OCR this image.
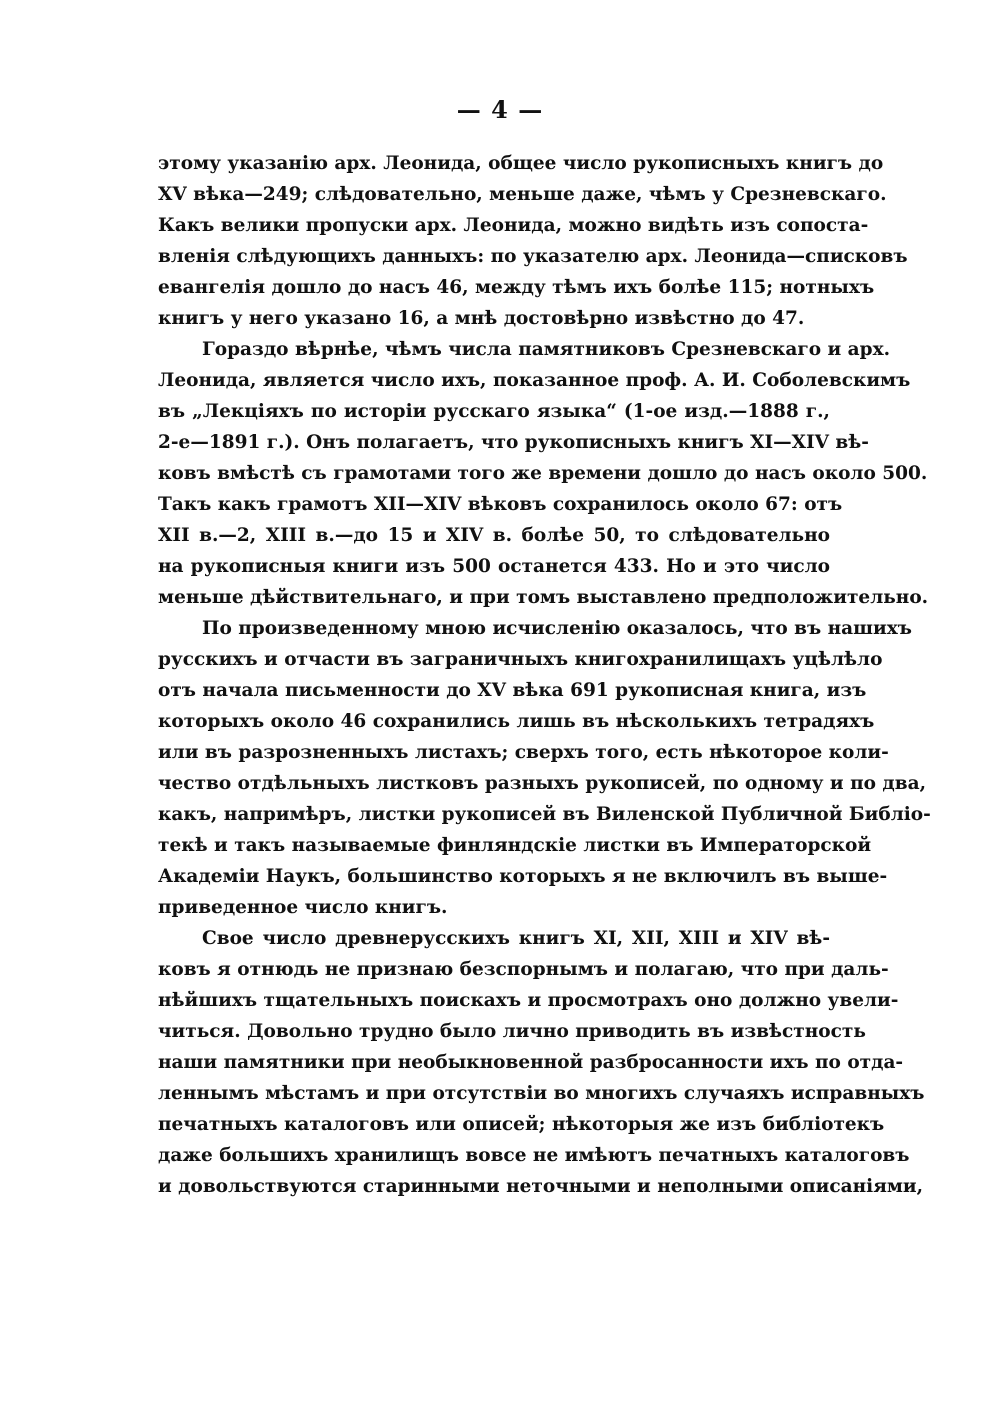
— 4 —
этому указанію арх. Леонида, общее число рукописныхъ книгъ до
XV вѣка—249; слѣдовательно, меньше даже, чѣмъ у Срезневскаго.
Какъ велики пропуски арх. Леонида, можно видѣть изъ сопоста-
вленія слѣдующихъ данныхъ: по указателю арх. Леонида—списковъ
евангелія дошло до насъ 46, между тѣмъ ихъ болѣе 115; нотныхъ
книгъ у него указано 16, а мнѣ достовѣрно извѣстно до 47.
Гораздо вѣрнѣе, чѣмъ числа памятниковъ Срезневскаго и арх.
Леонида, является число ихъ, показанное проф. А. И. Соболевскимъ
въ „Лекціяхъ по исторіи русскаго языка“ (1-ое изд.—1888 г.,
2-е—1891 г.). Онъ полагаетъ, что рукописныхъ книгъ XI—XIV вѣ-
ковъ вмѣстѣ съ грамотами того же времени дошло до насъ около 500.
Такъ какъ грамотъ XII—XIV вѣковъ сохранилось около 67: отъ
XII в.—2, XIII в.—до 15 и XIV в. болѣе 50, то слѣдовательно
на рукописныя книги изъ 500 останется 433. Но и это число
меньше дѣйствительнаго, и при томъ выставлено предположительно.
По произведенному мною исчисленію оказалось, что въ нашихъ
русскихъ и отчасти въ заграничныхъ книгохранилищахъ уцѣлѣло
отъ начала письменности до XV вѣка 691 рукописная книга, изъ
которыхъ около 46 сохранились лишь въ нѣсколькихъ тетрадяхъ
или въ разрозненныхъ листахъ; сверхъ того, есть нѣкоторое коли-
чество отдѣльныхъ листковъ разныхъ рукописей, по одному и по два,
какъ, напримѣръ, листки рукописей въ Виленской Публичной Библіо-
текѣ и такъ называемые финляндскіе листки въ Императорской
Академіи Наукъ, большинство которыхъ я не включилъ въ выше-
приведенное число книгъ.
Свое число древнерусскихъ книгъ XI, XII, XIII и XIV вѣ-
ковъ я отнюдь не признаю безспорнымъ и полагаю, что при даль-
нѣйшихъ тщательныхъ поискахъ и просмотрахъ оно должно увели-
читься. Довольно трудно было лично приводить въ извѣстность
наши памятники при необыкновенной разбросанности ихъ по отда-
леннымъ мѣстамъ и при отсутствіи во многихъ случаяхъ исправныхъ
печатныхъ каталоговъ или описей; нѣкоторыя же изъ библіотекъ
даже большихъ хранилищъ вовсе не имѣютъ печатныхъ каталоговъ
и довольствуются старинными неточными и неполными описаніями,
